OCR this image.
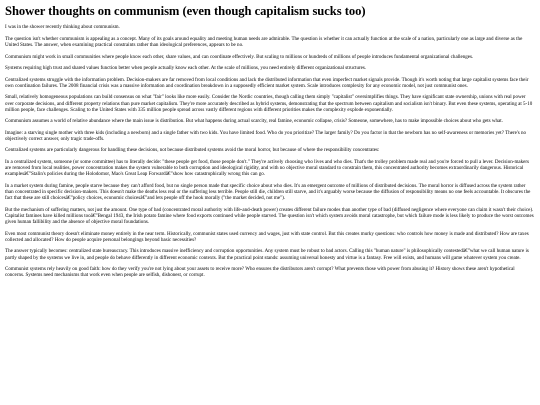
Shower thoughts on communism (even though capitalism sucks too)

I was in the shower recently thinking about communism.

The question isn't whether communism is appealing as a concept. Many of its goals around equality and meeting human needs are admirable. The question is whether it can actually function at the scale of a nation, particularly one as large and diverse as the United States. The answer, when examining practical constraints rather than ideological preferences, appears to be no.

Communism might work in small communities where people know each other, share values, and can coordinate effectively. But scaling to millions or hundreds of millions of people introduces fundamental organizational challenges.

Systems requiring high trust and shared values function better when people actually know each other. At the scale of millions, you need entirely different organizational structures.

Centralized systems struggle with the information problem. Decision-makers are far removed from local conditions and lack the distributed information that even imperfect market signals provide. Though it's worth noting that large capitalist systems face their own coordination failures. The 2008 financial crisis was a massive information and coordination breakdown in a supposedly efficient market system. Scale introduces complexity for any economic model, not just communist ones.

Small, relatively homogeneous populations can build consensus on what "fair" looks like more easily. Consider the Nordic countries, though calling them simply "capitalist" oversimplifies things. They have significant state ownership, unions with real power over corporate decisions, and different property relations than pure market capitalism. They're more accurately described as hybrid systems, demonstrating that the spectrum between capitalism and socialism isn't binary. But even these systems, operating at 5-10 million people, face challenges. Scaling to the United States with 335 million people spread across vastly different regions with different priorities makes the complexity explode exponentially.

Communism assumes a world of relative abundance where the main issue is distribution. But what happens during actual scarcity, real famine, economic collapse, crisis? Someone, somewhere, has to make impossible choices about who gets what.

Imagine: a starving single mother with three kids (including a newborn) and a single father with two kids. You have limited food. Who do you prioritize? The larger family? Do you factor in that the newborn has no self-awareness or memories yet? There's no objectively correct answer, only tragic trade-offs.

Centralized systems are particularly dangerous for handling these decisions, not because distributed systems avoid the moral horror, but because of where the responsibility concentrates:

In a centralized system, someone (or some committee) has to literally decide: "these people get food, those people don't." They're actively choosing who lives and who dies. That's the trolley problem made real and you're forced to pull a lever. Decision-makers are removed from local realities, power concentration makes the system vulnerable to both corruption and ideological rigidity, and with no objective moral standard to constrain them, this concentrated authority becomes extraordinarily dangerous. Historical examplesâ€”Stalin's policies during the Holodomor, Mao's Great Leap Forwardâ€”show how catastrophically wrong this can go.

In a market system during famine, people starve because they can't afford food, but no single person made that specific choice about who dies. It's an emergent outcome of millions of distributed decisions. The moral horror is diffused across the system rather than concentrated in specific decision-makers. This doesn't make the deaths less real or the suffering less terrible. People still die, children still starve, and it's arguably worse because the diffusion of responsibility means no one feels accountable. It obscures the fact that these are still choicesâ€”policy choices, economic choicesâ€”and lets people off the hook morally ("the market decided, not me").

But the mechanism of suffering matters, not just the amount. One type of bad (concentrated moral authority with life-and-death power) creates different failure modes than another type of bad (diffused negligence where everyone can claim it wasn't their choice). Capitalist famines have killed millions tooâ€”Bengal 1943, the Irish potato famine where food exports continued while people starved. The question isn't which system avoids moral catastrophe, but which failure mode is less likely to produce the worst outcomes given human fallibility and the absence of objective moral foundations.

Even most communist theory doesn't eliminate money entirely in the near term. Historically, communist states used currency and wages, just with state control. But this creates murky questions: who controls how money is made and distributed? How are taxes collected and allocated? How do people acquire personal belongings beyond basic necessities?

The answer typically becomes: centralized state bureaucracy. This introduces massive inefficiency and corruption opportunities. Any system must be robust to bad actors. Calling this "human nature" is philosophically contestedâ€”what we call human nature is partly shaped by the systems we live in, and people do behave differently in different economic contexts. But the practical point stands: assuming universal honesty and virtue is a fantasy. Free will exists, and humans will game whatever system you create.

Communist systems rely heavily on good faith: how do they verify you're not lying about your assets to receive more? Who ensures the distributors aren't corrupt? What prevents those with power from abusing it? History shows these aren't hypothetical concerns. Systems need mechanisms that work even when people are selfish, dishonest, or corrupt.
